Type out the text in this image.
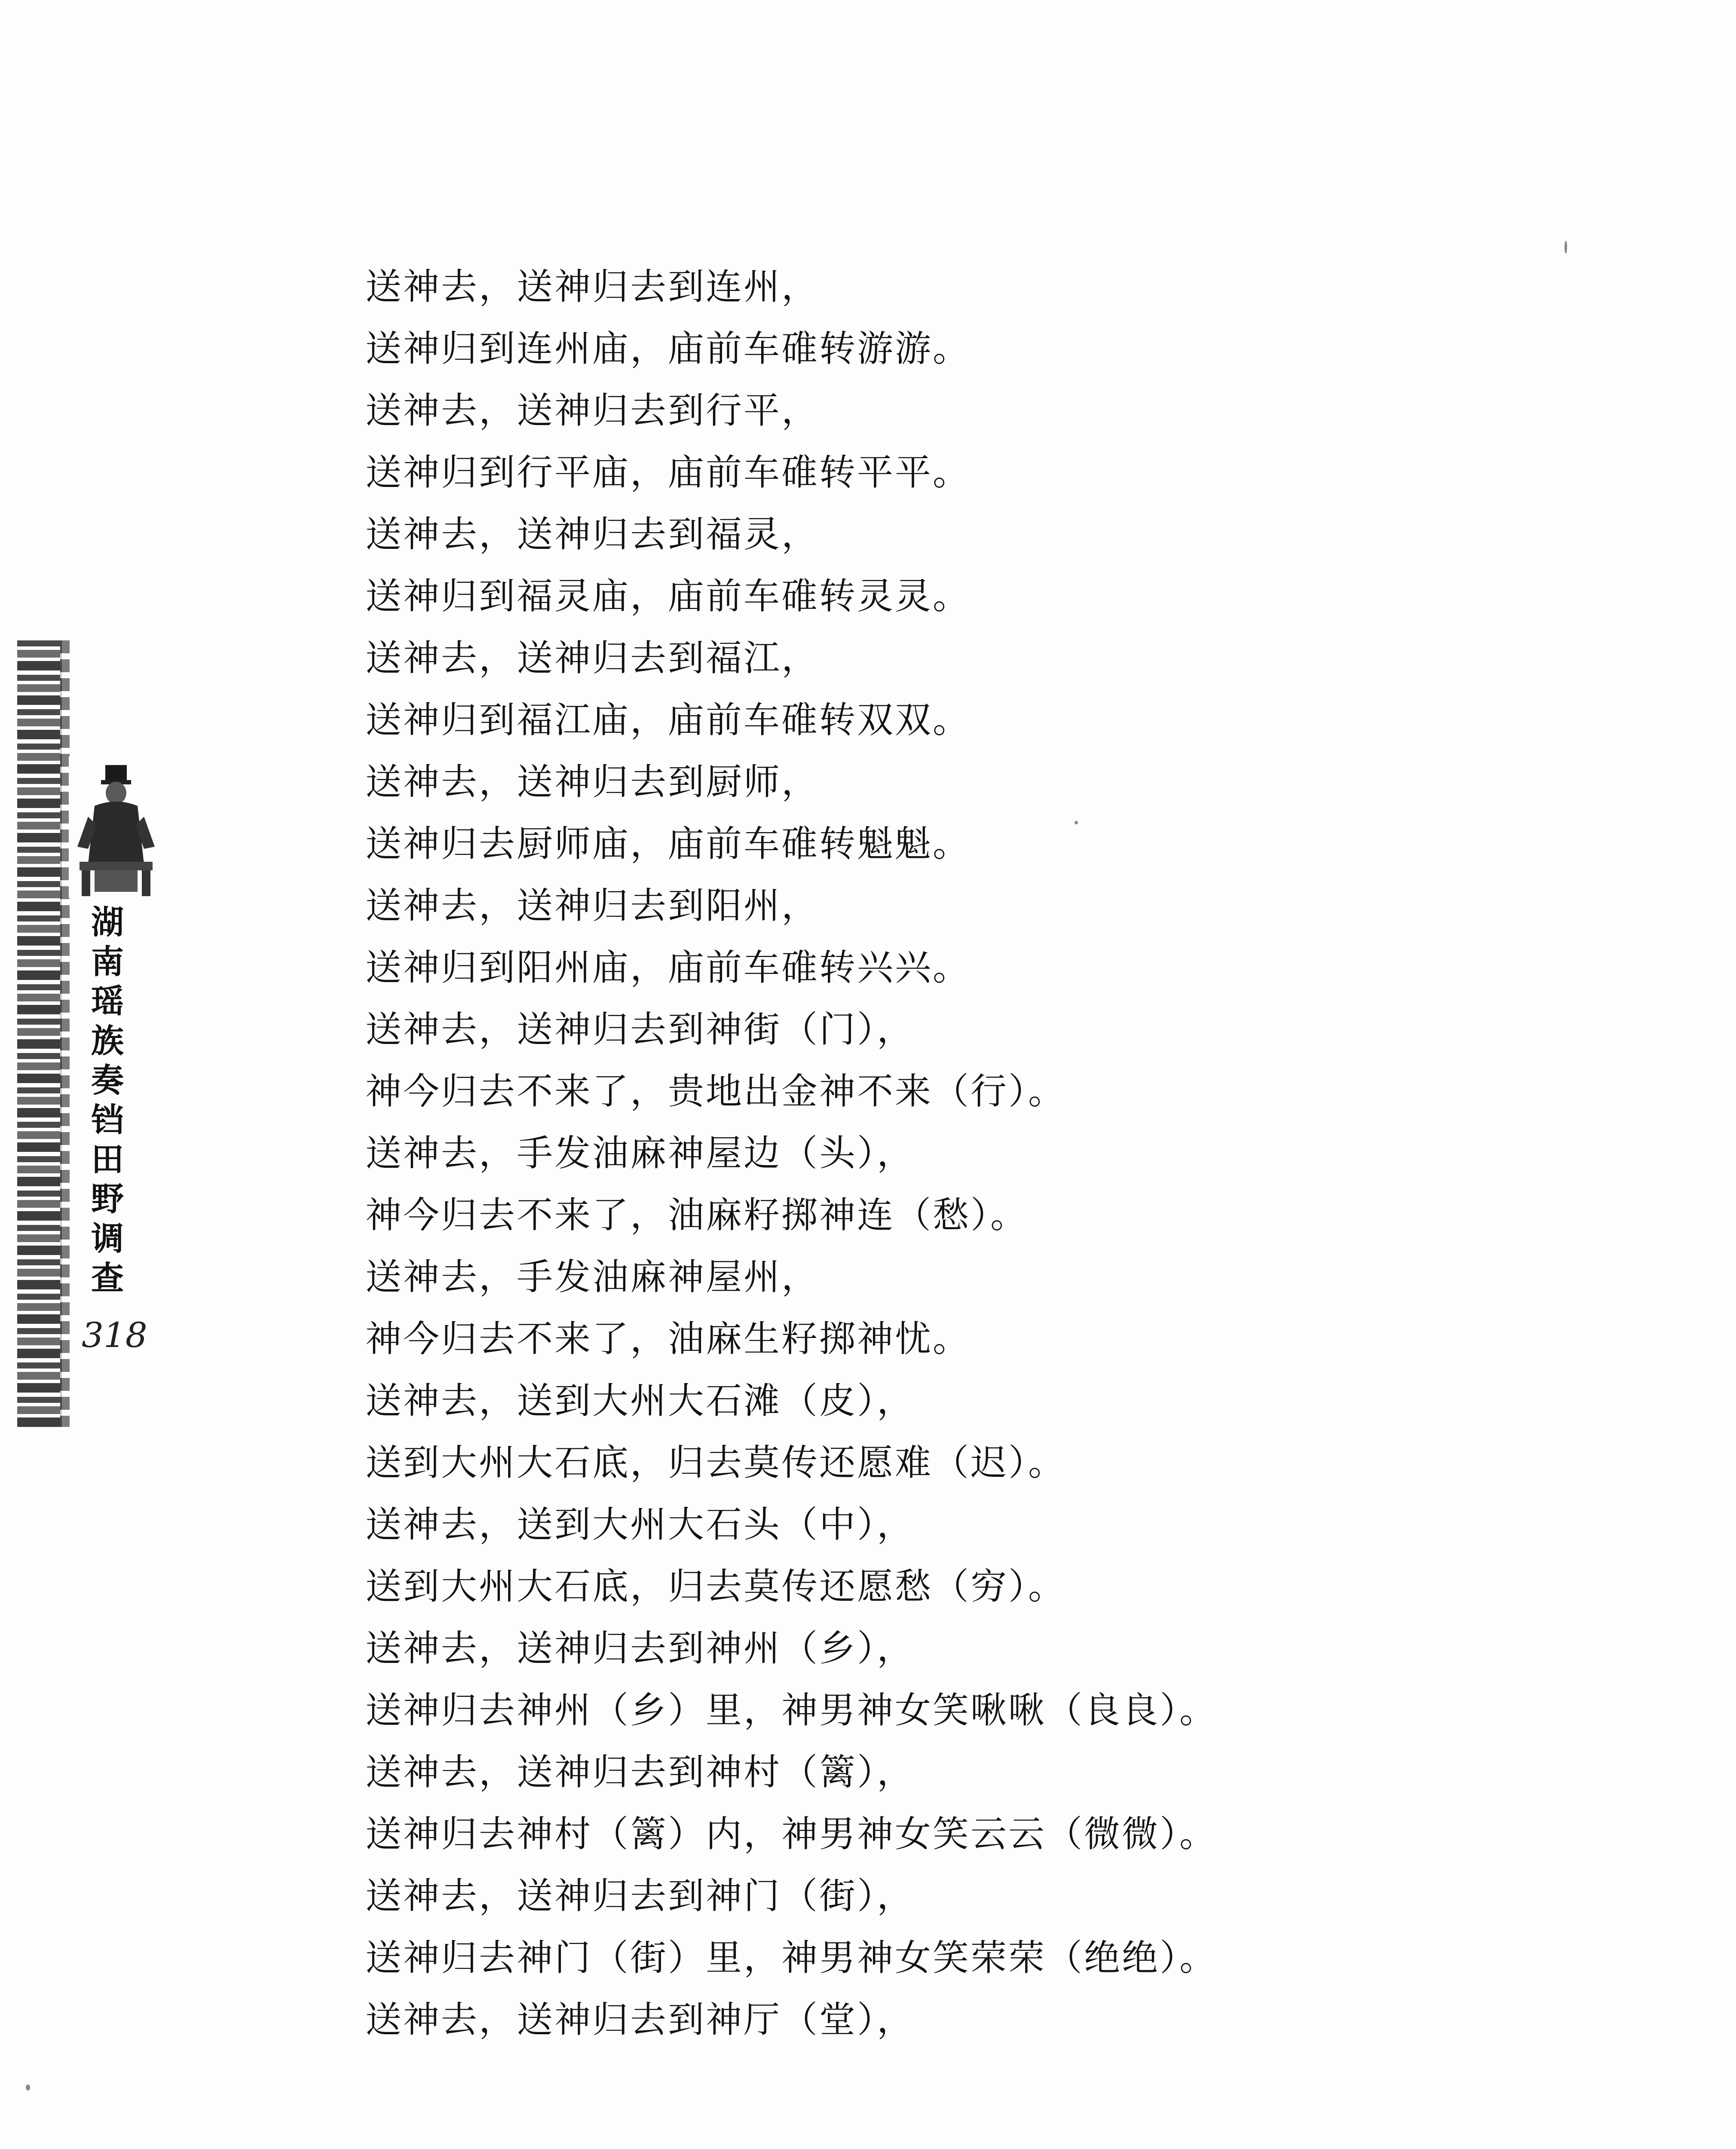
湖
南
瑶
族
奏
铛
田
野
调
查
318
送神去，送神归去到连州，
送神归到连州庙，庙前车碓转游游。
送神去，送神归去到行平，
送神归到行平庙，庙前车碓转平平。
送神去，送神归去到福灵，
送神归到福灵庙，庙前车碓转灵灵。
送神去，送神归去到福江，
送神归到福江庙，庙前车碓转双双。
送神去，送神归去到厨师，
送神归去厨师庙，庙前车碓转魁魁。
送神去，送神归去到阳州，
送神归到阳州庙，庙前车碓转兴兴。
送神去，送神归去到神街（门），
神今归去不来了，贵地出金神不来（行）。
送神去，手发油麻神屋边（头），
神今归去不来了，油麻籽掷神连（愁）。
送神去，手发油麻神屋州，
神今归去不来了，油麻生籽掷神忧。
送神去，送到大州大石滩（皮），
送到大州大石底，归去莫传还愿难（迟）。
送神去，送到大州大石头（中），
送到大州大石底，归去莫传还愿愁（穷）。
送神去，送神归去到神州（乡），
送神归去神州（乡）里，神男神女笑啾啾（良良）。
送神去，送神归去到神村（篱），
送神归去神村（篱）内，神男神女笑云云（微微）。
送神去，送神归去到神门（街），
送神归去神门（街）里，神男神女笑荣荣（绝绝）。
送神去，送神归去到神厅（堂），
